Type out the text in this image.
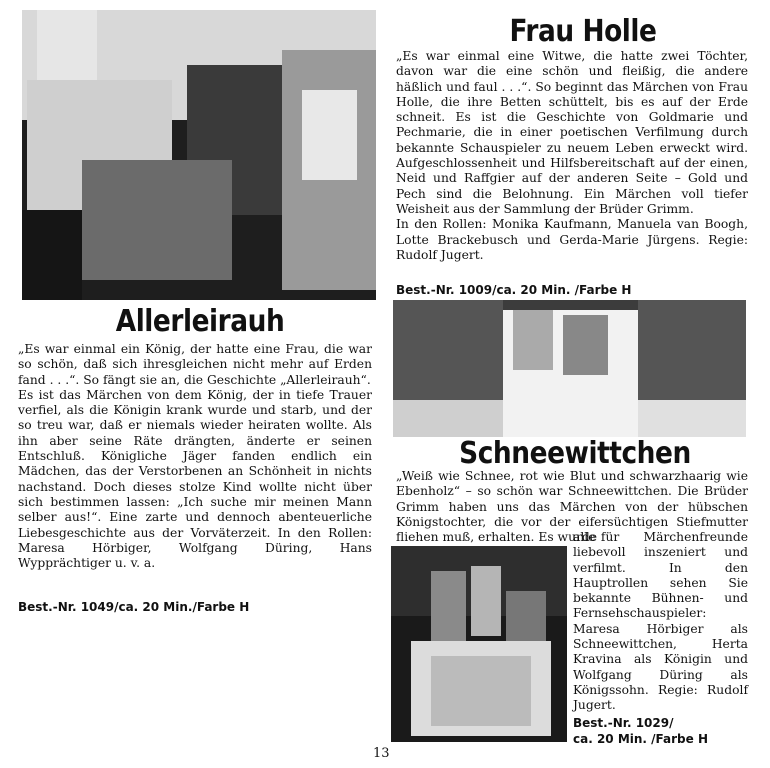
Allerleirauh

„Es war einmal ein König, der hatte eine Frau, die war so schön, daß sich ihresgleichen nicht mehr auf Erden fand . . .“. So fängt sie an, die Geschichte „Allerleirauh“.

Es ist das Märchen von dem König, der in tiefe Trauer verfiel, als die Königin krank wurde und starb, und der so treu war, daß er niemals wieder heiraten wollte. Als ihn aber seine Räte drängten, änderte er seinen Entschluß. Königliche Jäger fanden endlich ein Mädchen, das der Verstorbenen an Schönheit in nichts nachstand. Doch dieses stolze Kind wollte nicht über sich bestimmen lassen: „Ich suche mir meinen Mann selber aus!“. Eine zarte und dennoch abenteuerliche Liebesgeschichte aus der Vorväterzeit. In den Rollen: Maresa Hörbiger, Wolfgang Düring, Hans Wypprächtiger u. v. a.

Best.-Nr. 1049/ca. 20 Min./Farbe H
Frau Holle

„Es war einmal eine Witwe, die hatte zwei Töchter, davon war die eine schön und fleißig, die andere häßlich und faul . . .“. So beginnt das Märchen von Frau Holle, die ihre Betten schüttelt, bis es auf der Erde schneit. Es ist die Geschichte von Goldmarie und Pechmarie, die in einer poetischen Verfilmung durch bekannte Schauspieler zu neuem Leben erweckt wird. Aufgeschlossenheit und Hilfsbereitschaft auf der einen, Neid und Raffgier auf der anderen Seite – Gold und Pech sind die Belohnung. Ein Märchen voll tiefer Weisheit aus der Sammlung der Brüder Grimm.

In den Rollen: Monika Kaufmann, Manuela van Boogh, Lotte Brackebusch und Gerda-Marie Jürgens. Regie: Rudolf Jugert.

Best.-Nr. 1009/ca. 20 Min. /Farbe H
Schneewittchen
„Weiß wie Schnee, rot wie Blut und schwarzhaarig wie Ebenholz“ – so schön war Schneewittchen. Die Brüder Grimm haben uns das Märchen von der hübschen Königstochter, die vor der eifersüchtigen Stiefmutter fliehen muß, erhalten. Es wurde für
alle Märchenfreunde liebevoll inszeniert und verfilmt. In den Hauptrollen sehen Sie bekannte Bühnen- und Fernsehschauspieler: Maresa Hörbiger als Schneewittchen, Herta Kravina als Königin und Wolfgang Düring als Königssohn. Regie: Rudolf Jugert.
Best.-Nr. 1029/
ca. 20 Min. /Farbe H
13
